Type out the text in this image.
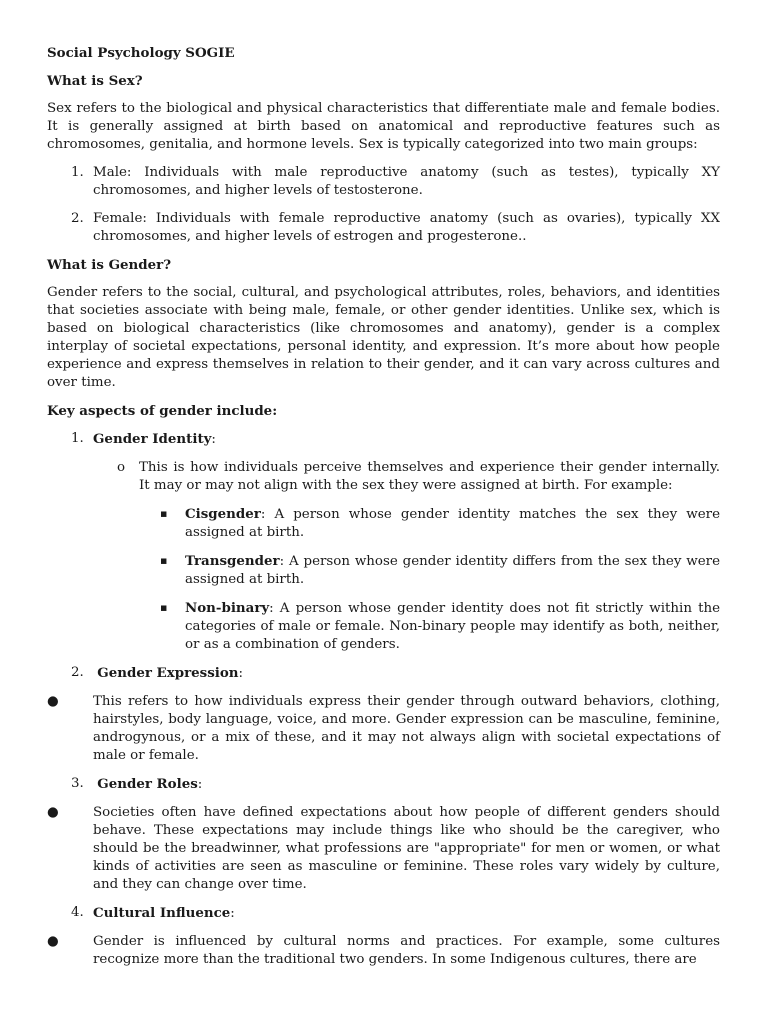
Social Psychology SOGIE

What is Sex?

Sex refers to the biological and physical characteristics that differentiate male and female bodies. It is generally assigned at birth based on anatomical and reproductive features such as chromosomes, genitalia, and hormone levels. Sex is typically categorized into two main groups:

1. Male: Individuals with male reproductive anatomy (such as testes), typically XY chromosomes, and higher levels of testosterone.
2. Female: Individuals with female reproductive anatomy (such as ovaries), typically XX chromosomes, and higher levels of estrogen and progesterone..

What is Gender?

Gender refers to the social, cultural, and psychological attributes, roles, behaviors, and identities that societies associate with being male, female, or other gender identities. Unlike sex, which is based on biological characteristics (like chromosomes and anatomy), gender is a complex interplay of societal expectations, personal identity, and expression. It’s more about how people experience and express themselves in relation to their gender, and it can vary across cultures and over time.

Key aspects of gender include:

1. Gender Identity:
o	This is how individuals perceive themselves and experience their gender internally. It may or may not align with the sex they were assigned at birth. For example:
▪	Cisgender: A person whose gender identity matches the sex they were assigned at birth.
▪	Transgender: A person whose gender identity differs from the sex they were assigned at birth.
▪	Non-binary: A person whose gender identity does not fit strictly within the categories of male or female. Non-binary people may identify as both, neither, or as a combination of genders.
2.	Gender Expression:
●	This refers to how individuals express their gender through outward behaviors, clothing, hairstyles, body language, voice, and more. Gender expression can be masculine, feminine, androgynous, or a mix of these, and it may not always align with societal expectations of male or female.
3.	Gender Roles:
●	Societies often have defined expectations about how people of different genders should behave. These expectations may include things like who should be the caregiver, who should be the breadwinner, what professions are "appropriate" for men or women, or what kinds of activities are seen as masculine or feminine. These roles vary widely by culture, and they can change over time.
4. Cultural Influence:
●	Gender is influenced by cultural norms and practices. For example, some cultures recognize more than the traditional two genders. In some Indigenous cultures, there are
